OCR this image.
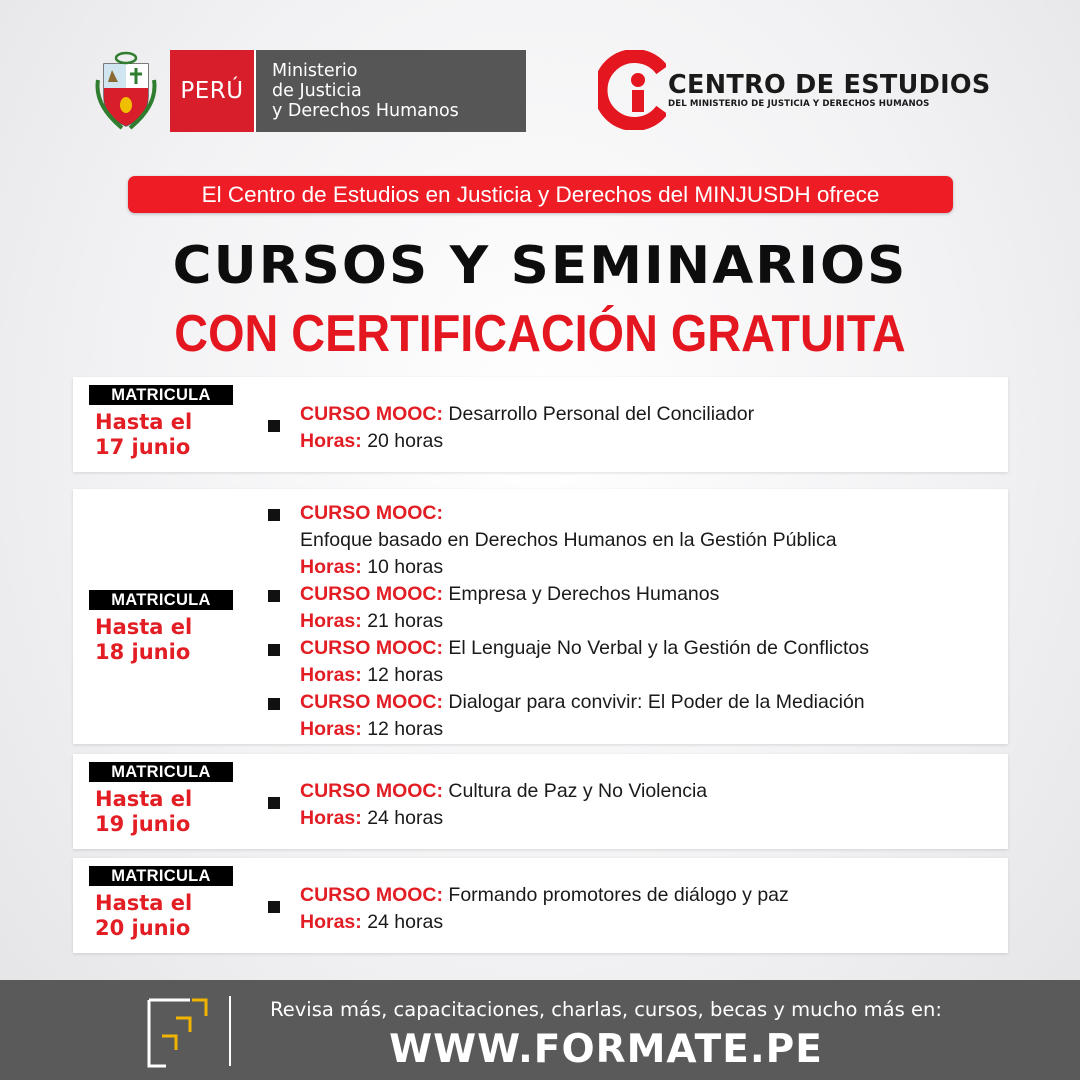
PERÚ
Ministerio
de Justicia
y Derechos Humanos
CENTRO DE ESTUDIOS
DEL MINISTERIO DE JUSTICIA Y DERECHOS HUMANOS
El Centro de Estudios en Justicia y Derechos del MINJUSDH ofrece
CURSOS Y SEMINARIOS
CON CERTIFICACIÓN GRATUITA
MATRICULA
Hasta el
17 junio
CURSO MOOC: Desarrollo Personal del Conciliador
Horas: 20 horas
MATRICULA
Hasta el
18 junio
CURSO MOOC:
Enfoque basado en Derechos Humanos en la Gestión Pública
Horas: 10 horas
CURSO MOOC: Empresa y Derechos Humanos
Horas: 21 horas
CURSO MOOC: El Lenguaje No Verbal y la Gestión de Conflictos
Horas: 12 horas
CURSO MOOC: Dialogar para convivir: El Poder de la Mediación
Horas: 12 horas
MATRICULA
Hasta el
19 junio
CURSO MOOC: Cultura de Paz y No Violencia
Horas: 24 horas
MATRICULA
Hasta el
20 junio
CURSO MOOC: Formando promotores de diálogo y paz
Horas: 24 horas
Revisa más, capacitaciones, charlas, cursos, becas y mucho más en:
WWW.FORMATE.PE
